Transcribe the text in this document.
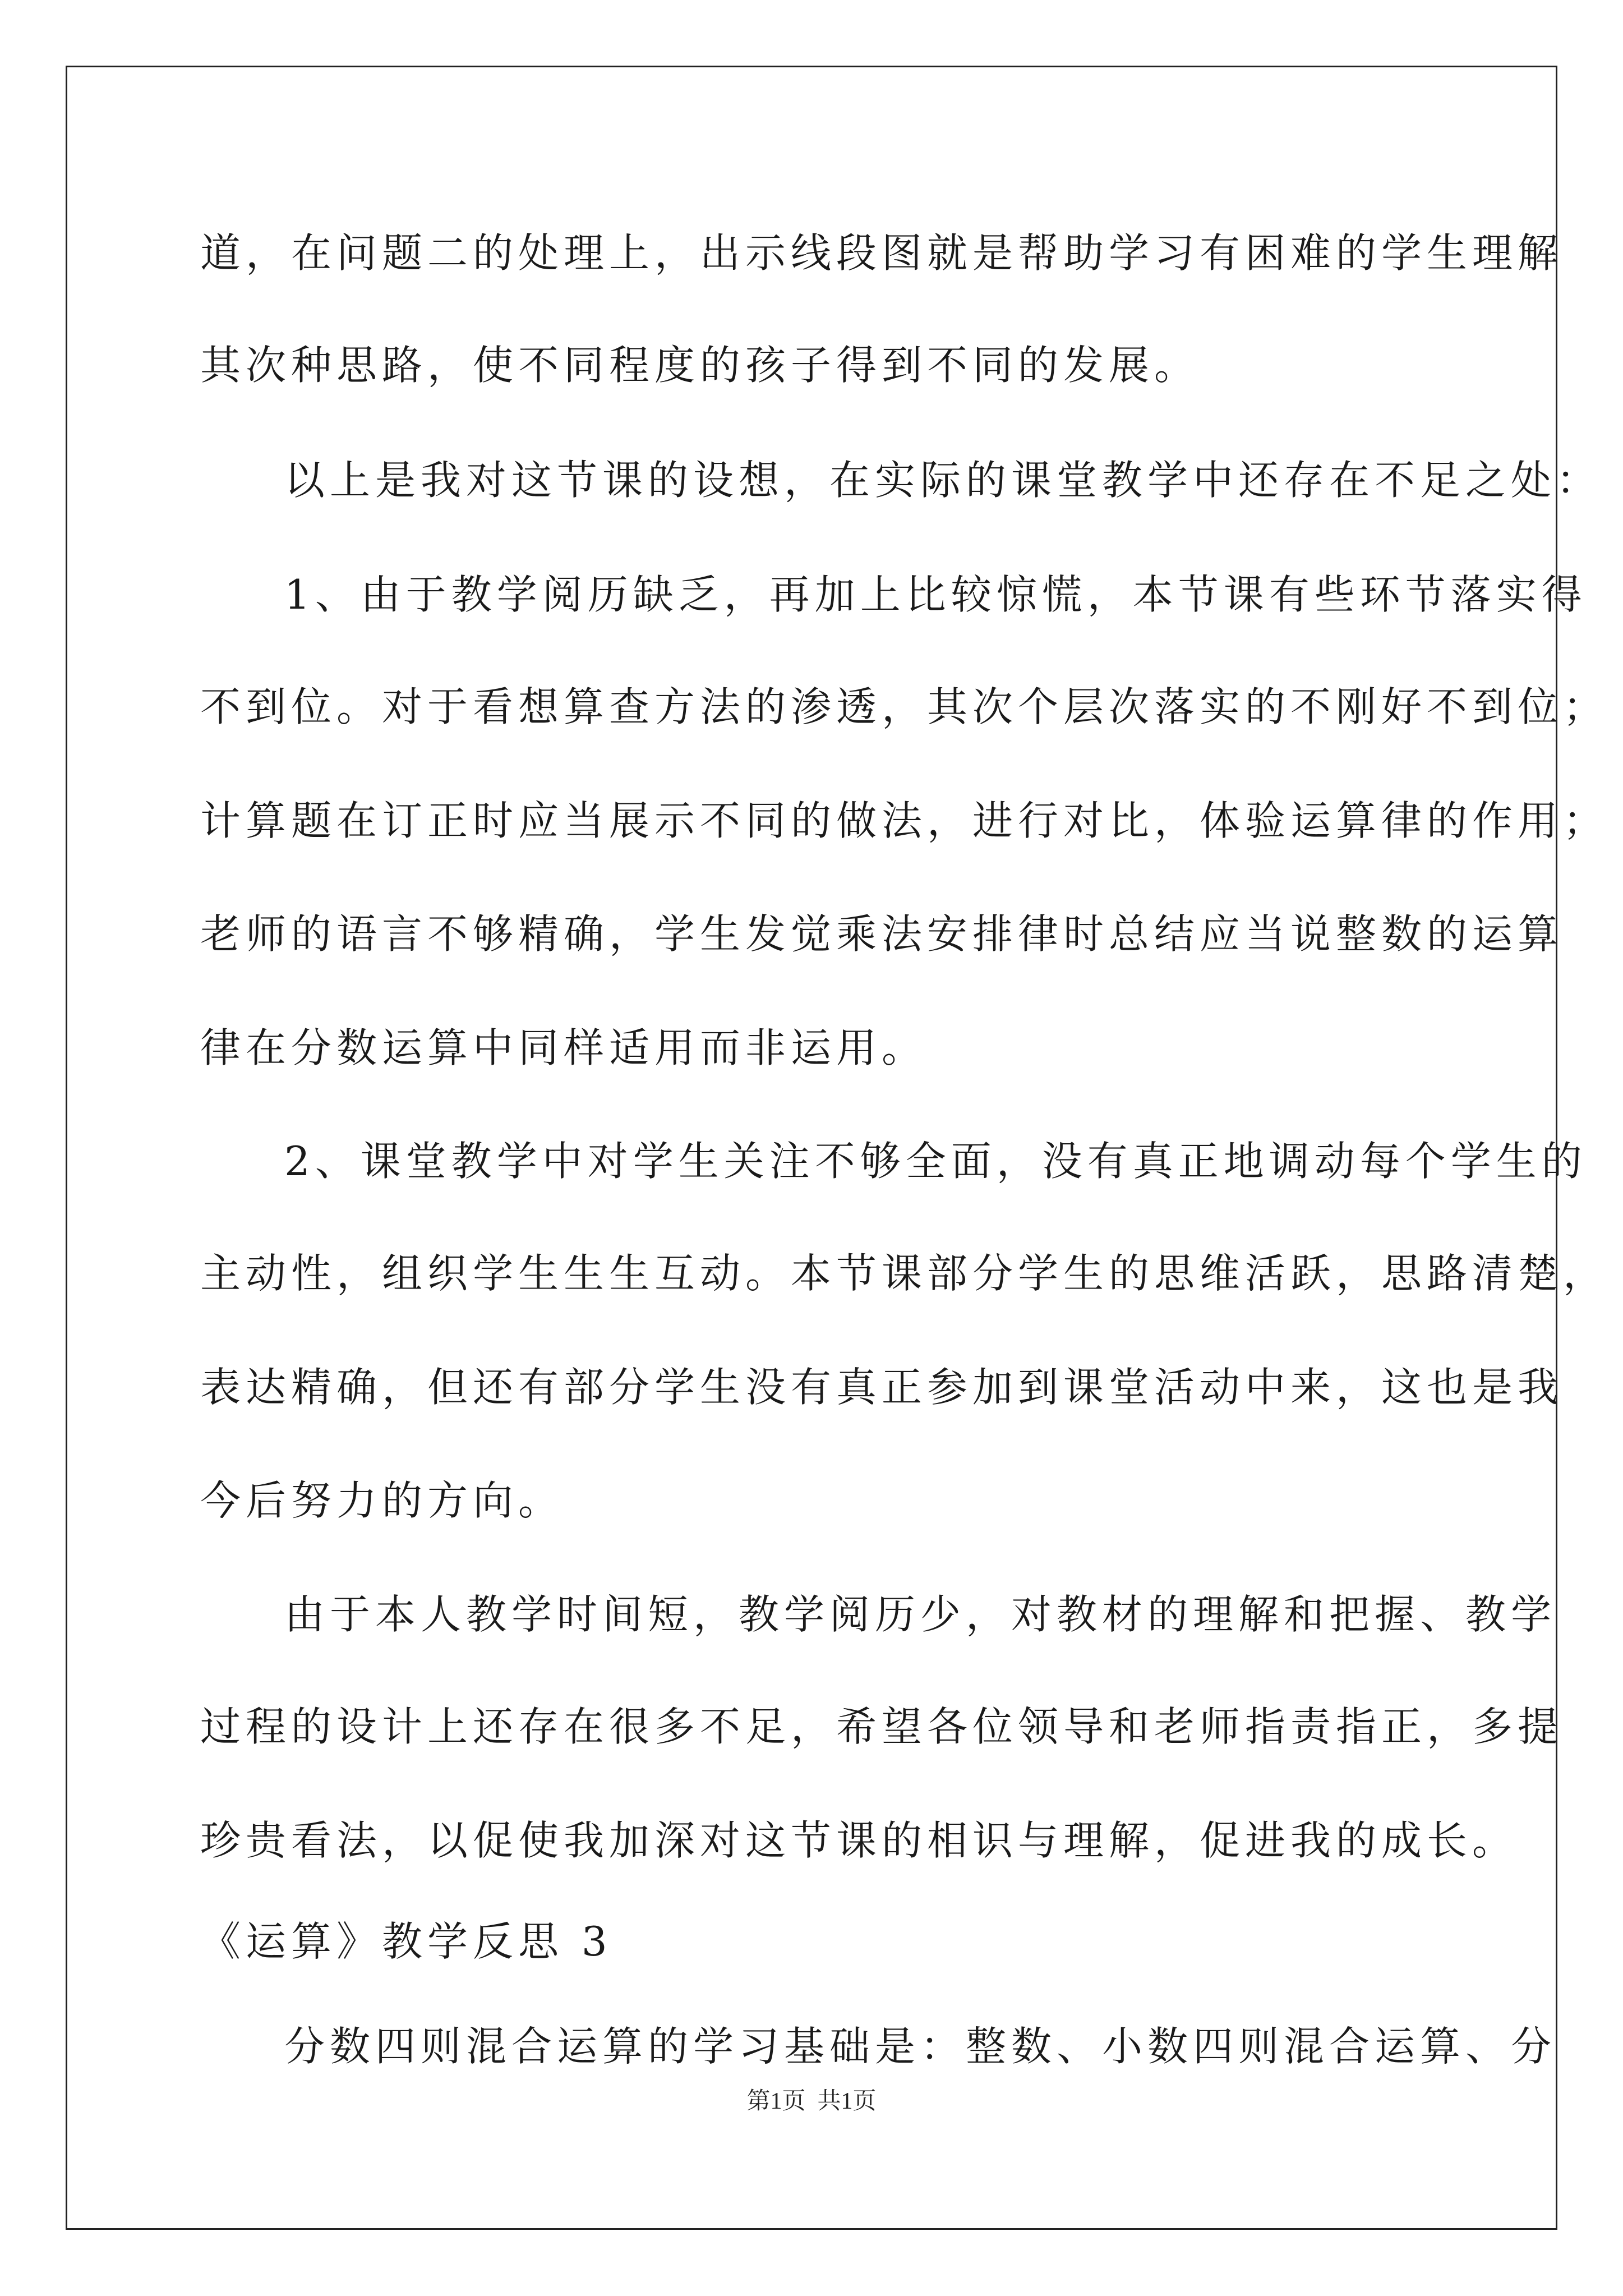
道，在问题二的处理上，出示线段图就是帮助学习有困难的学生理解
其次种思路，使不同程度的孩子得到不同的发展。
以上是我对这节课的设想，在实际的课堂教学中还存在不足之处：
1、由于教学阅历缺乏，再加上比较惊慌，本节课有些环节落实得
不到位。对于看想算查方法的渗透，其次个层次落实的不刚好不到位；
计算题在订正时应当展示不同的做法，进行对比，体验运算律的作用；
老师的语言不够精确，学生发觉乘法安排律时总结应当说整数的运算
律在分数运算中同样适用而非运用。
2、课堂教学中对学生关注不够全面，没有真正地调动每个学生的
主动性，组织学生生生互动。本节课部分学生的思维活跃，思路清楚，
表达精确，但还有部分学生没有真正参加到课堂活动中来，这也是我
今后努力的方向。
由于本人教学时间短，教学阅历少，对教材的理解和把握、教学
过程的设计上还存在很多不足，希望各位领导和老师指责指正，多提
珍贵看法，以促使我加深对这节课的相识与理解，促进我的成长。
《运算》教学反思 3
分数四则混合运算的学习基础是：整数、小数四则混合运算、分
第1页  共1页
